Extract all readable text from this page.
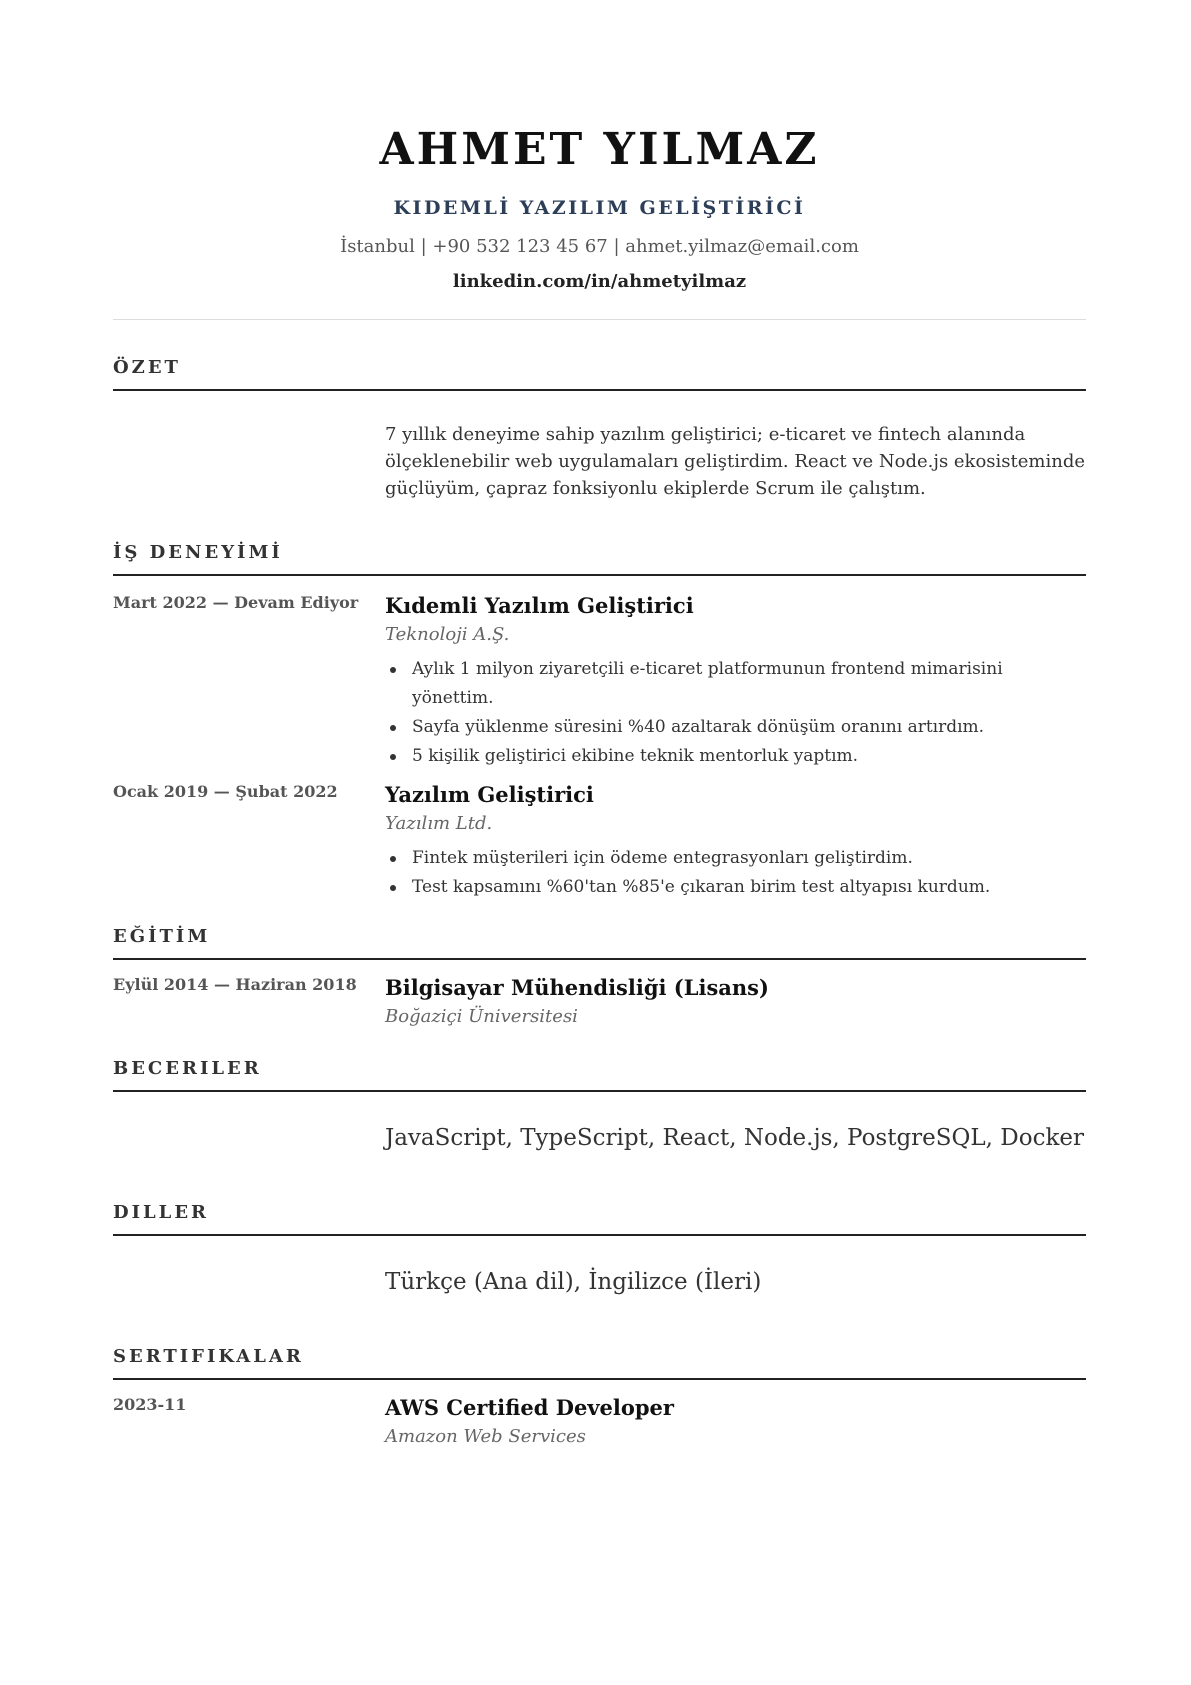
AHMET YILMAZ
KIDEMLİ YAZILIM GELİŞTİRİCİ
İstanbul | +90 532 123 45 67 | ahmet.yilmaz@email.com
linkedin.com/in/ahmetyilmaz
ÖZET
7 yıllık deneyime sahip yazılım geliştirici; e-ticaret ve fintech alanında ölçeklenebilir web uygulamaları geliştirdim. React ve Node.js ekosisteminde güçlüyüm, çapraz fonksiyonlu ekiplerde Scrum ile çalıştım.
İŞ DENEYİMİ
Mart 2022 — Devam Ediyor	Kıdemli Yazılım Geliştirici
Teknoloji A.Ş.
Aylık 1 milyon ziyaretçili e-ticaret platformunun frontend mimarisini yönettim.
Sayfa yüklenme süresini %40 azaltarak dönüşüm oranını artırdım.
5 kişilik geliştirici ekibine teknik mentorluk yaptım.
Ocak 2019 — Şubat 2022	Yazılım Geliştirici
Yazılım Ltd.
Fintek müşterileri için ödeme entegrasyonları geliştirdim.
Test kapsamını %60'tan %85'e çıkaran birim test altyapısı kurdum.
EĞİTİM
Eylül 2014 — Haziran 2018	Bilgisayar Mühendisliği (Lisans)
Boğaziçi Üniversitesi
BECERILER
JavaScript, TypeScript, React, Node.js, PostgreSQL, Docker
DILLER
Türkçe (Ana dil), İngilizce (İleri)
SERTIFIKALAR
2023-11	AWS Certified Developer
Amazon Web Services
